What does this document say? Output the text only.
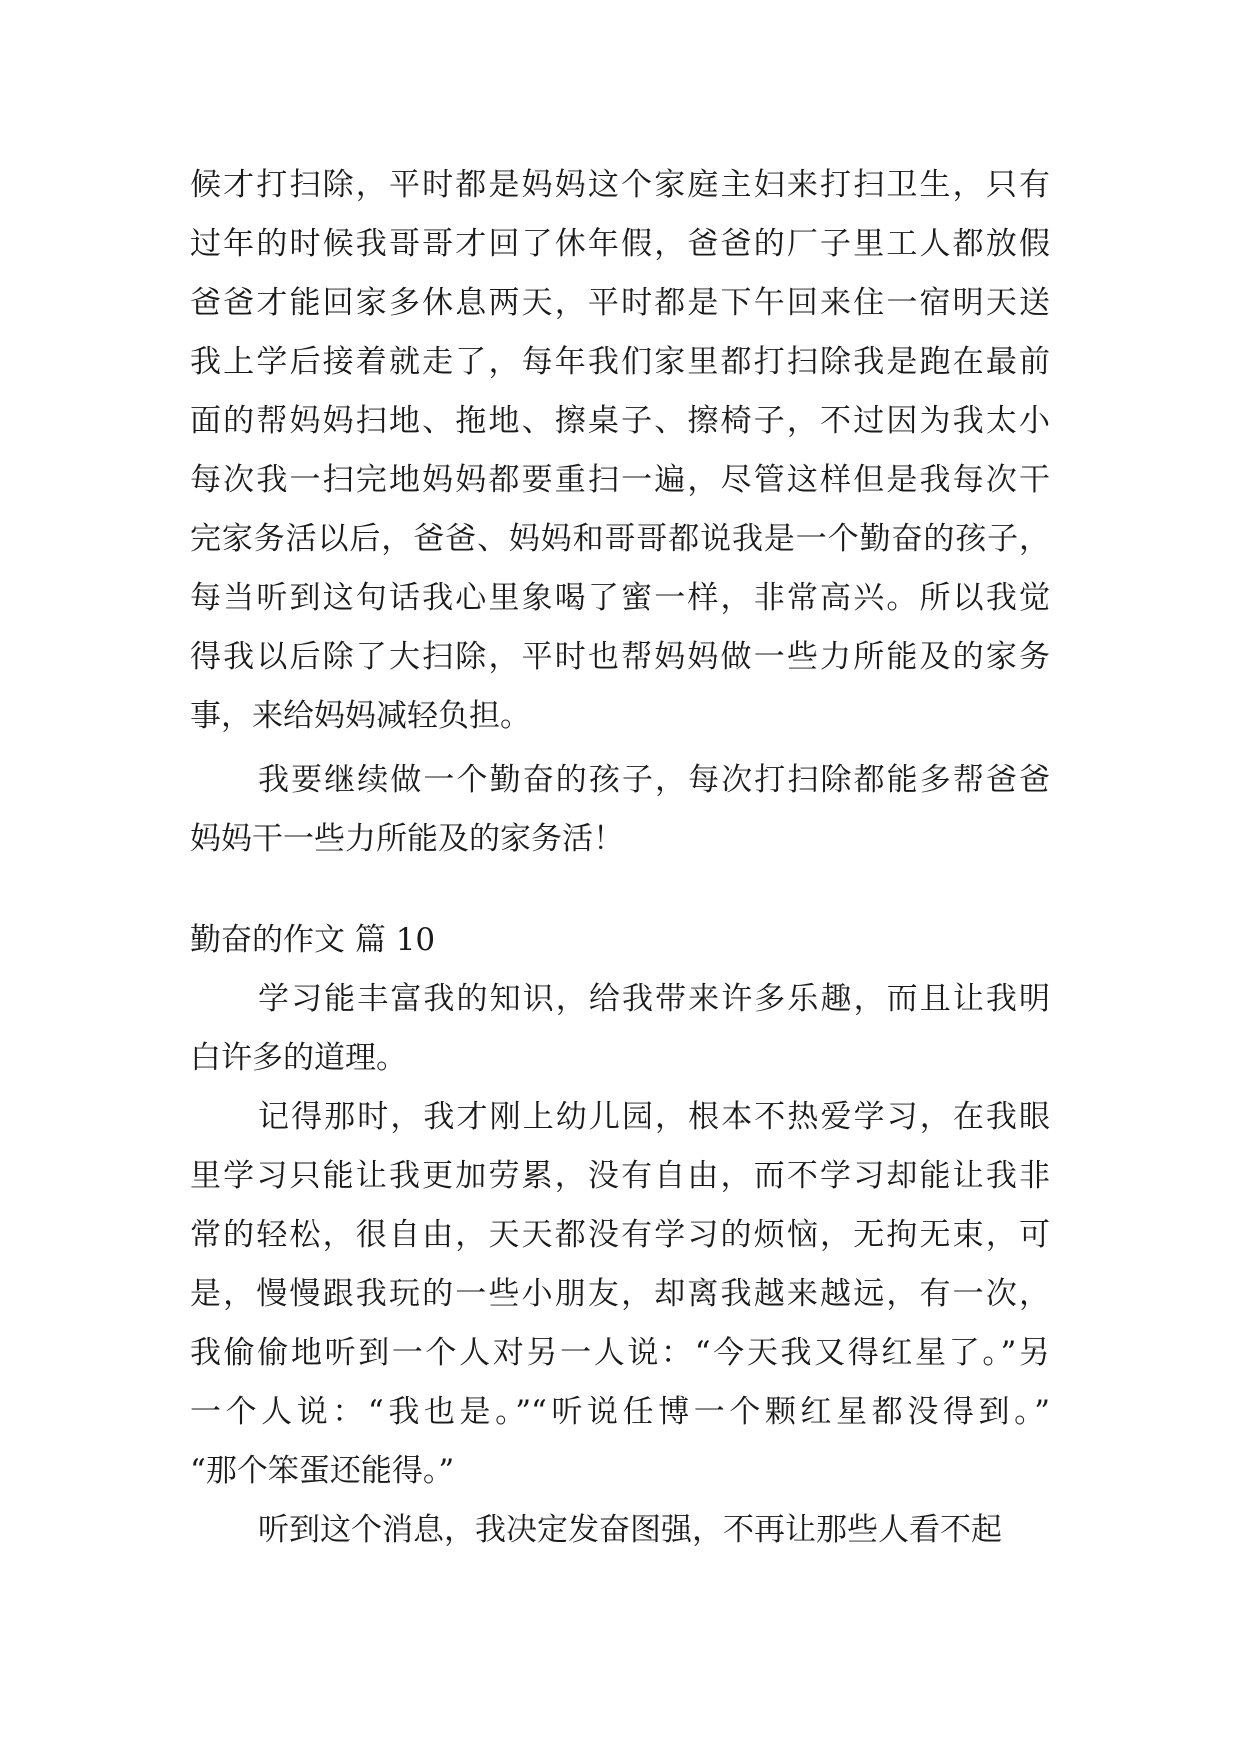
候才打扫除，平时都是妈妈这个家庭主妇来打扫卫生，只有
过年的时候我哥哥才回了休年假，爸爸的厂子里工人都放假
爸爸才能回家多休息两天，平时都是下午回来住一宿明天送
我上学后接着就走了，每年我们家里都打扫除我是跑在最前
面的帮妈妈扫地、拖地、擦桌子、擦椅子，不过因为我太小
每次我一扫完地妈妈都要重扫一遍，尽管这样但是我每次干
完家务活以后，爸爸、妈妈和哥哥都说我是一个勤奋的孩子，
每当听到这句话我心里象喝了蜜一样，非常高兴。所以我觉
得我以后除了大扫除，平时也帮妈妈做一些力所能及的家务
事，来给妈妈减轻负担。
我要继续做一个勤奋的孩子，每次打扫除都能多帮爸爸
妈妈干一些力所能及的家务活！
勤奋的作文 篇 10
学习能丰富我的知识，给我带来许多乐趣，而且让我明
白许多的道理。
记得那时，我才刚上幼儿园，根本不热爱学习，在我眼
里学习只能让我更加劳累，没有自由，而不学习却能让我非
常的轻松，很自由，天天都没有学习的烦恼，无拘无束，可
是，慢慢跟我玩的一些小朋友，却离我越来越远，有一次，
我偷偷地听到一个人对另一人说：“今天我又得红星了。”另
一个人说：“我也是。”“听说任博一个颗红星都没得到。”
“那个笨蛋还能得。”
听到这个消息，我决定发奋图强，不再让那些人看不起
